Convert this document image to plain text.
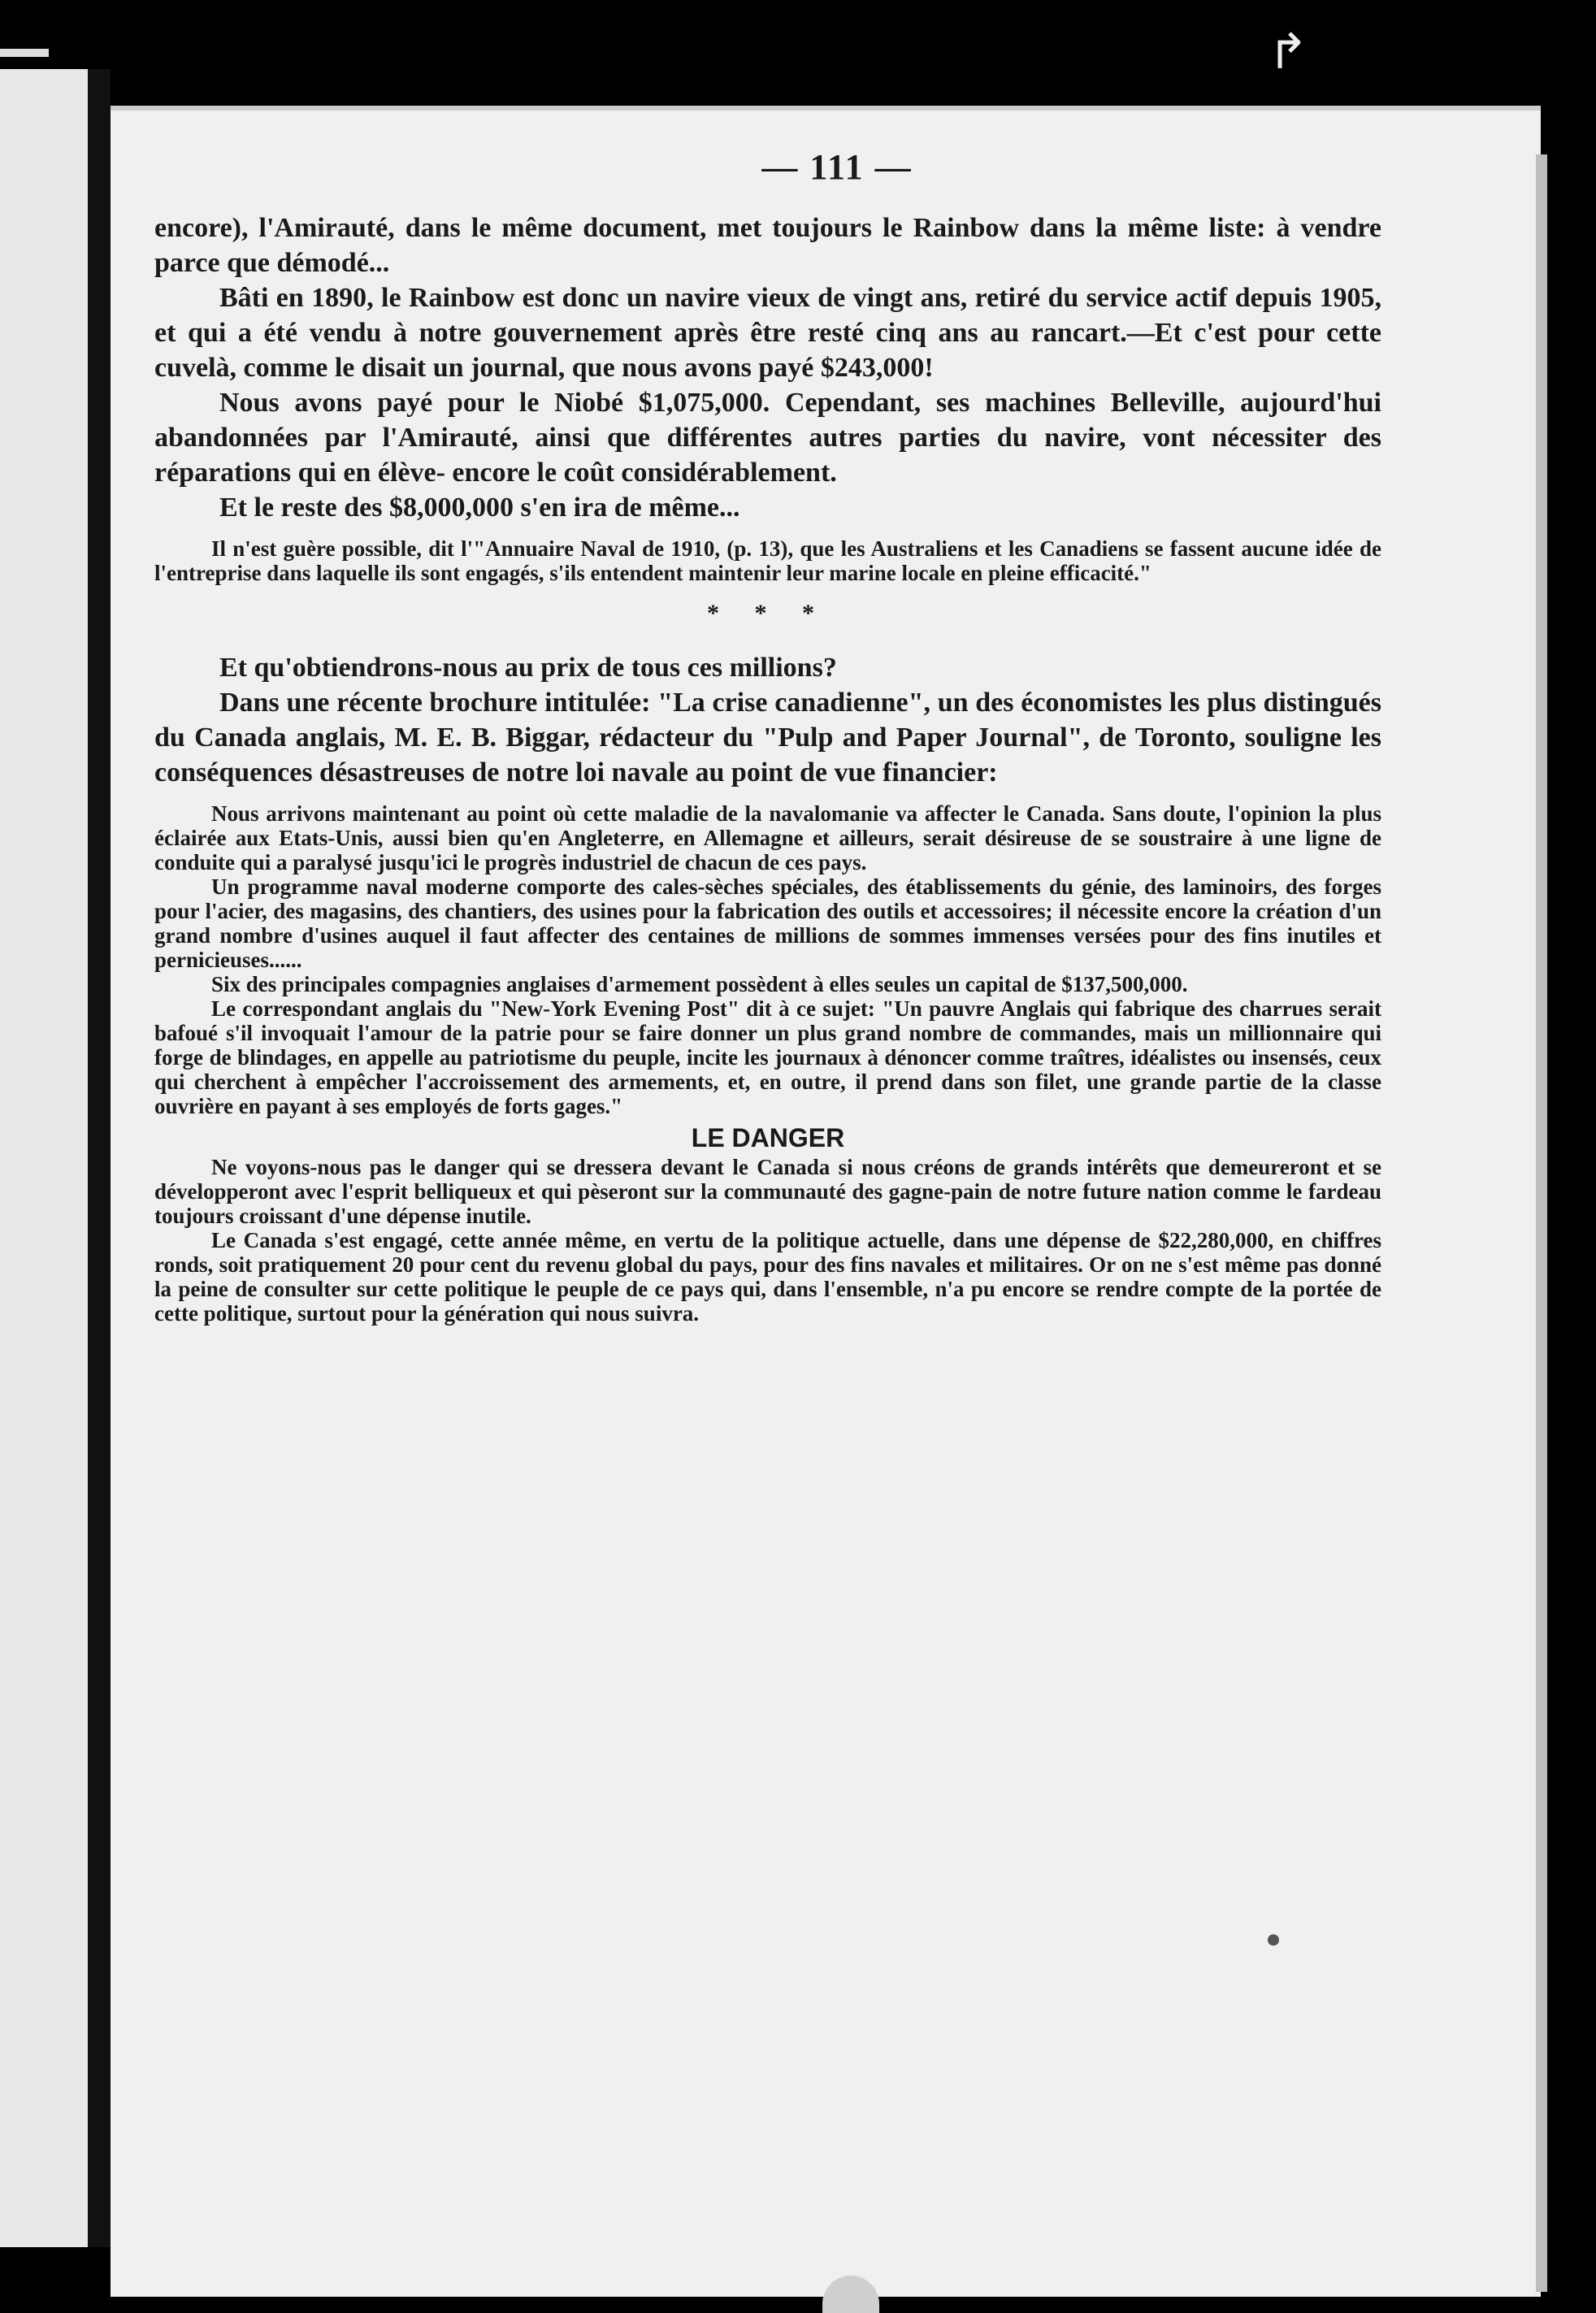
↱
— 111 —

encore), l'Amirauté, dans le même document, met toujours le Rainbow dans la même liste: à vendre parce que démodé...

Bâti en 1890, le Rainbow est donc un navire vieux de vingt ans, retiré du service actif depuis 1905, et qui a été vendu à notre gouvernement après être resté cinq ans au rancart.—Et c'est pour cette cuvelà, comme le disait un journal, que nous avons payé $243,000!

Nous avons payé pour le Niobé $1,075,000. Cependant, ses machines Belleville, aujourd'hui abandonnées par l'Amirauté, ainsi que différentes autres parties du navire, vont nécessiter des réparations qui en élève- encore le coût considérablement.

Et le reste des $8,000,000 s'en ira de même...

Il n'est guère possible, dit l'"Annuaire Naval de 1910, (p. 13), que les Australiens et les Canadiens se fassent aucune idée de l'entreprise dans laquelle ils sont engagés, s'ils entendent maintenir leur marine locale en pleine efficacité."

* * *

Et qu'obtiendrons-nous au prix de tous ces millions?

Dans une récente brochure intitulée: "La crise canadienne", un des économistes les plus distingués du Canada anglais, M. E. B. Biggar, rédacteur du "Pulp and Paper Journal", de Toronto, souligne les conséquences désastreuses de notre loi navale au point de vue financier:

Nous arrivons maintenant au point où cette maladie de la navalomanie va affecter le Canada. Sans doute, l'opinion la plus éclairée aux Etats-Unis, aussi bien qu'en Angleterre, en Allemagne et ailleurs, serait désireuse de se soustraire à une ligne de conduite qui a paralysé jusqu'ici le progrès industriel de chacun de ces pays.

Un programme naval moderne comporte des cales-sèches spéciales, des établissements du génie, des laminoirs, des forges pour l'acier, des magasins, des chantiers, des usines pour la fabrication des outils et accessoires; il nécessite encore la création d'un grand nombre d'usines auquel il faut affecter des centaines de millions de sommes immenses versées pour des fins inutiles et pernicieuses......

Six des principales compagnies anglaises d'armement possèdent à elles seules un capital de $137,500,000.

Le correspondant anglais du "New-York Evening Post" dit à ce sujet: "Un pauvre Anglais qui fabrique des charrues serait bafoué s'il invoquait l'amour de la patrie pour se faire donner un plus grand nombre de commandes, mais un millionnaire qui forge de blindages, en appelle au patriotisme du peuple, incite les journaux à dénoncer comme traîtres, idéalistes ou insensés, ceux qui cherchent à empêcher l'accroissement des armements, et, en outre, il prend dans son filet, une grande partie de la classe ouvrière en payant à ses employés de forts gages."

LE DANGER

Ne voyons-nous pas le danger qui se dressera devant le Canada si nous créons de grands intérêts que demeureront et se développeront avec l'esprit belliqueux et qui pèseront sur la communauté des gagne-pain de notre future nation comme le fardeau toujours croissant d'une dépense inutile.

Le Canada s'est engagé, cette année même, en vertu de la politique actuelle, dans une dépense de $22,280,000, en chiffres ronds, soit pratiquement 20 pour cent du revenu global du pays, pour des fins navales et militaires. Or on ne s'est même pas donné la peine de consulter sur cette politique le peuple de ce pays qui, dans l'ensemble, n'a pu encore se rendre compte de la portée de cette politique, surtout pour la génération qui nous suivra.
